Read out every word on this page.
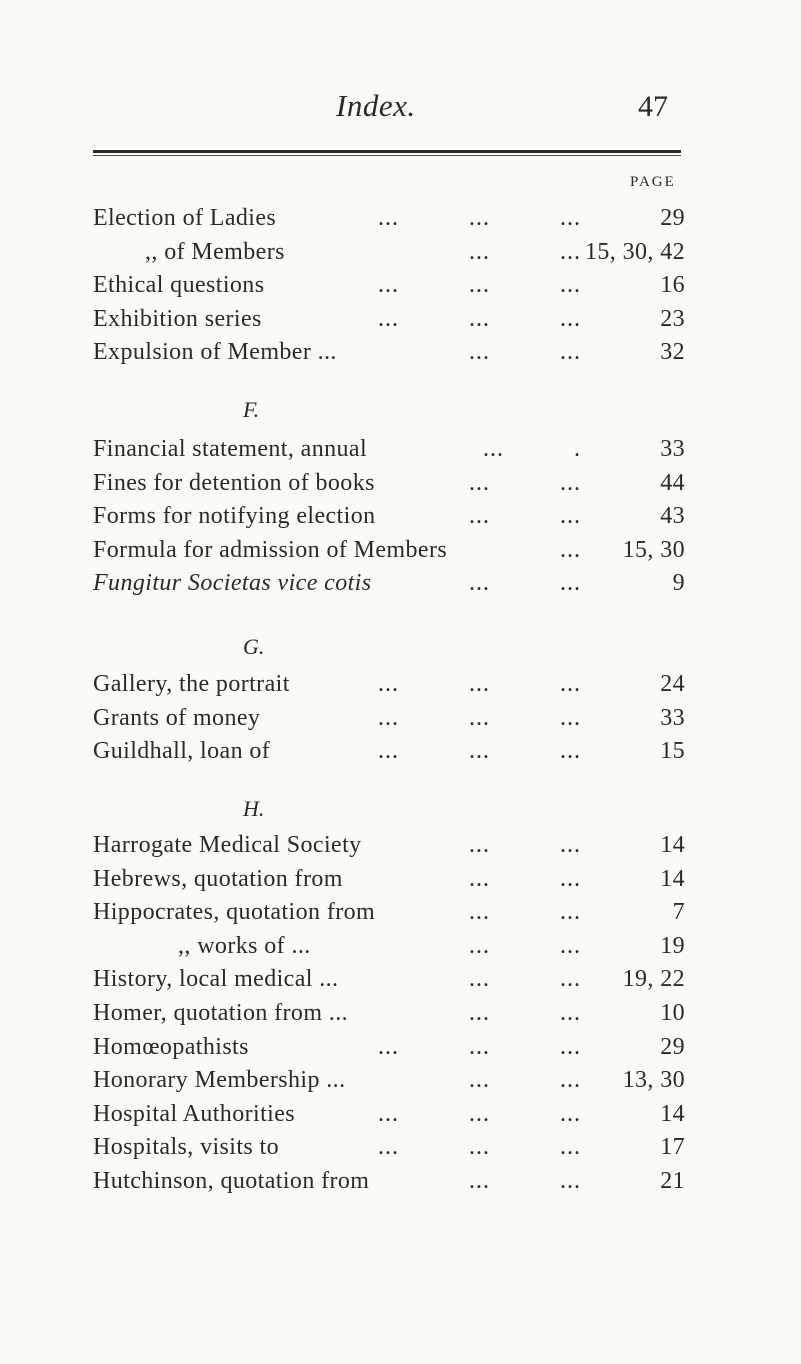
Index.	47
PAGE
Election of Ladies	...          ...          ...	29
,, of Members	...          ... 15, 30, 42
Ethical questions	...          ...          ...	16
Exhibition series	...          ...          ...	23
Expulsion of Member ...	...          ...	32
F.
Financial statement, annual	...          .	33
Fines for detention of books	...          ...	44
Forms for notifying election	...          ...	43
Formula for admission of Members	... 15, 30
Fungitur Societas vice cotis	...          ...	9
G.
Gallery, the portrait	...          ...          ...	24
Grants of money	...          ...          ...	33
Guildhall, loan of	...          ...          ...	15
H.
Harrogate Medical Society	...          ...	14
Hebrews, quotation from	...          ...	14
Hippocrates, quotation from	...          ...	7
,, works of ...	...          ...	19
History, local medical ...	...          ... 19, 22
Homer, quotation from ...	...          ...	10
Homœopathists	...          ...          ...	29
Honorary Membership ...	...          ... 13, 30
Hospital Authorities	...          ...          ...	14
Hospitals, visits to	...          ...          ...	17
Hutchinson, quotation from	...          ...	21
